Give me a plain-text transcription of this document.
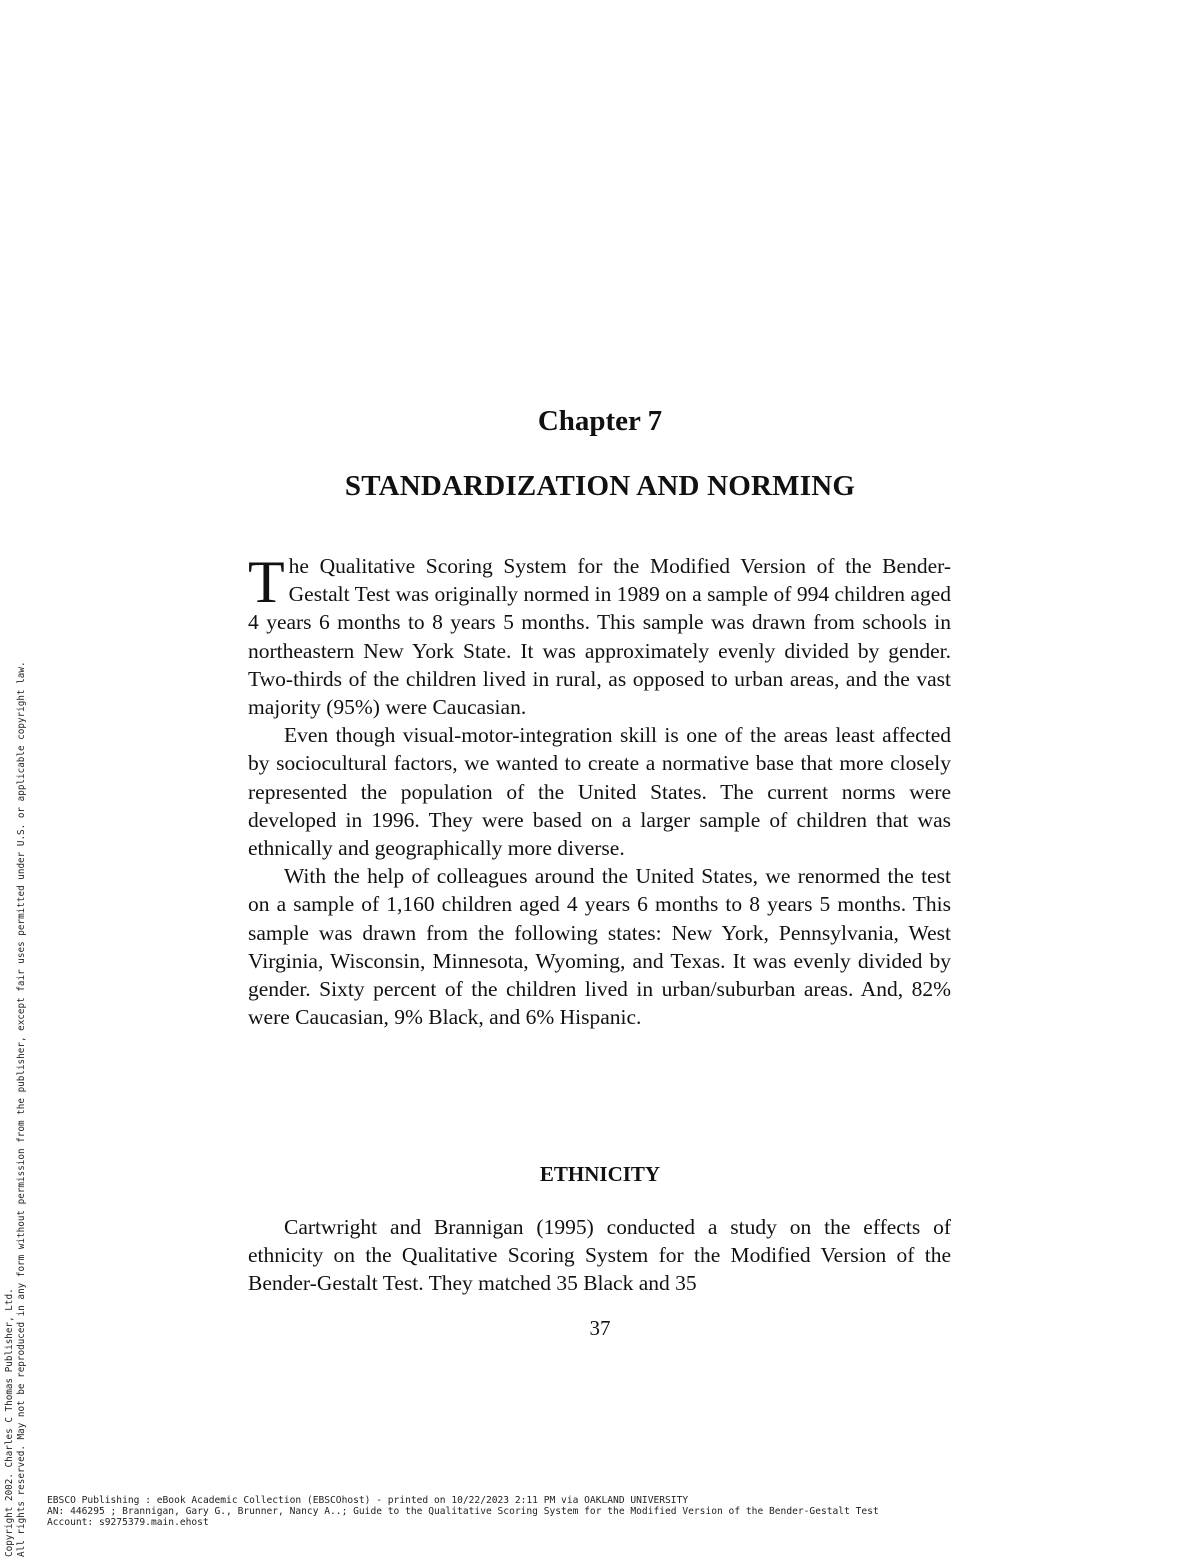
Chapter 7
STANDARDIZATION AND NORMING

The Qualitative Scoring System for the Modified Version of the Bender-Gestalt Test was originally normed in 1989 on a sample of 994 children aged 4 years 6 months to 8 years 5 months. This sample was drawn from schools in northeastern New York State. It was approximately evenly divided by gender. Two-thirds of the children lived in rural, as opposed to urban areas, and the vast majority (95%) were Caucasian.

Even though visual-motor-integration skill is one of the areas least affected by sociocultural factors, we wanted to create a normative base that more closely represented the population of the United States. The current norms were developed in 1996. They were based on a larger sample of children that was ethnically and geographically more diverse.

With the help of colleagues around the United States, we renormed the test on a sample of 1,160 children aged 4 years 6 months to 8 years 5 months. This sample was drawn from the following states: New York, Pennsylvania, West Virginia, Wisconsin, Minnesota, Wyoming, and Texas. It was evenly divided by gender. Sixty percent of the children lived in urban/suburban areas. And, 82% were Caucasian, 9% Black, and 6% Hispanic.

ETHNICITY

Cartwright and Brannigan (1995) conducted a study on the effects of ethnicity on the Qualitative Scoring System for the Modified Version of the Bender-Gestalt Test. They matched 35 Black and 35

37
Copyright 2002. Charles C Thomas Publisher, Ltd. All rights reserved. May not be reproduced in any form without permission from the publisher, except fair uses permitted under U.S. or applicable copyright law. EBSCO Publishing : eBook Academic Collection (EBSCOhost) - printed on 10/22/2023 2:11 PM via OAKLAND UNIVERSITY
AN: 446295 ; Brannigan, Gary G., Brunner, Nancy A..; Guide to the Qualitative Scoring System for the Modified Version of the Bender-Gestalt Test
Account: s9275379.main.ehost
